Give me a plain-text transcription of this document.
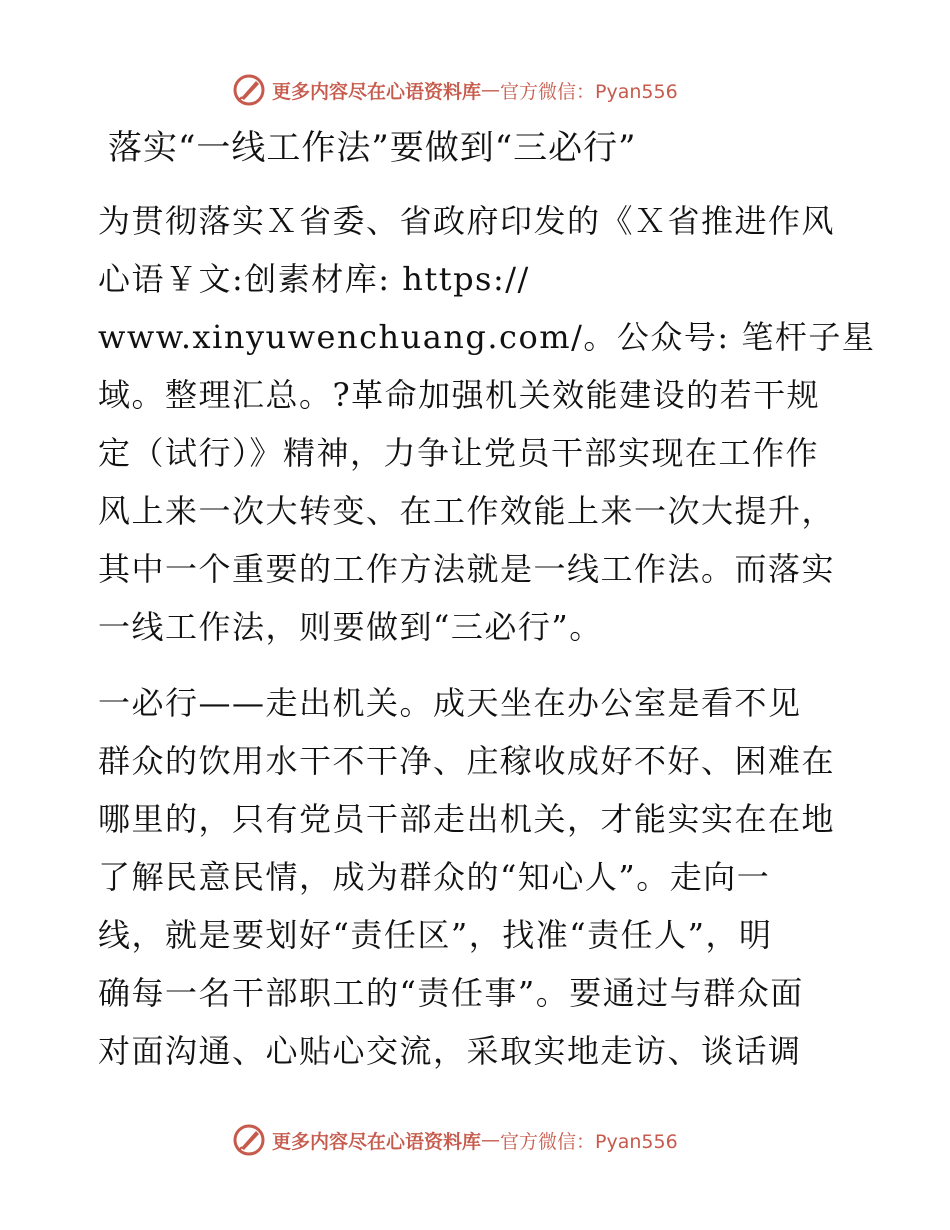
更多内容尽在心语资料库 — 官方微信：Pyan556
落实“一线工作法”要做到“三必行”
为贯彻落实Ｘ省委、省政府印发的《Ｘ省推进作风
心语￥文:创素材库: https://
www.xinyuwenchuang.com/。公众号: 笔杆子星
域。整理汇总。?革命加强机关效能建设的若干规
定（试行）》精神，力争让党员干部实现在工作作
风上来一次大转变、在工作效能上来一次大提升，
其中一个重要的工作方法就是一线工作法。而落实
一线工作法，则要做到“三必行”。
一必行——走出机关。成天坐在办公室是看不见
群众的饮用水干不干净、庄稼收成好不好、困难在
哪里的，只有党员干部走出机关，才能实实在在地
了解民意民情，成为群众的“知心人”。走向一
线，就是要划好“责任区”，找准“责任人”，明
确每一名干部职工的“责任事”。要通过与群众面
对面沟通、心贴心交流，采取实地走访、谈话调
更多内容尽在心语资料库 — 官方微信：Pyan556
